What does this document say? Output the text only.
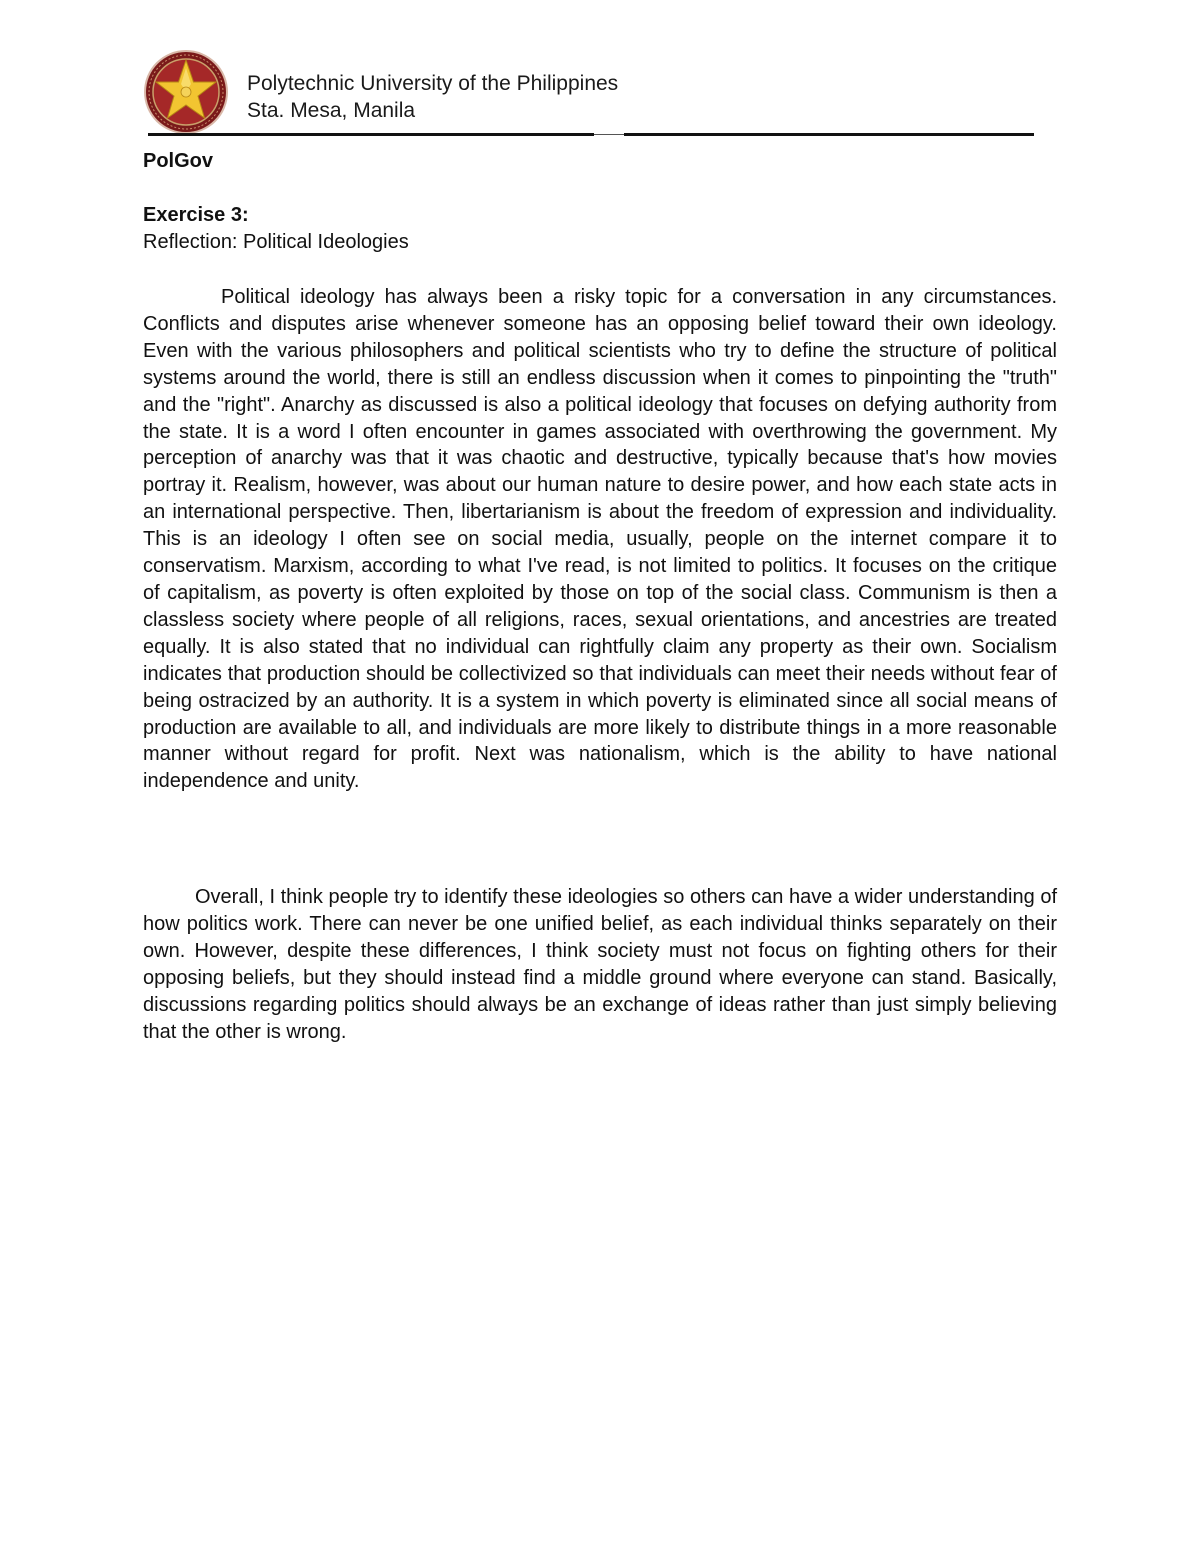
Polytechnic University of the Philippines
Sta. Mesa, Manila
PolGov
Exercise 3:
Reflection: Political Ideologies

Political ideology has always been a risky topic for a conversation in any circumstances. Conflicts and disputes arise whenever someone has an opposing belief toward their own ideology. Even with the various philosophers and political scientists who try to define the structure of political systems around the world, there is still an endless discussion when it comes to pinpointing the "truth" and the "right". Anarchy as discussed is also a political ideology that focuses on defying authority from the state. It is a word I often encounter in games associated with overthrowing the government. My perception of anarchy was that it was chaotic and destructive, typically because that's how movies portray it. Realism, however, was about our human nature to desire power, and how each state acts in an international perspective. Then, libertarianism is about the freedom of expression and individuality. This is an ideology I often see on social media, usually, people on the internet compare it to conservatism. Marxism, according to what I've read, is not limited to politics. It focuses on the critique of capitalism, as poverty is often exploited by those on top of the social class. Communism is then a classless society where people of all religions, races, sexual orientations, and ancestries are treated equally. It is also stated that no individual can rightfully claim any property as their own. Socialism indicates that production should be collectivized so that individuals can meet their needs without fear of being ostracized by an authority. It is a system in which poverty is eliminated since all social means of production are available to all, and individuals are more likely to distribute things in a more reasonable manner without regard for profit. Next was nationalism, which is the ability to have national independence and unity.

Overall, I think people try to identify these ideologies so others can have a wider understanding of how politics work. There can never be one unified belief, as each individual thinks separately on their own. However, despite these differences, I think society must not focus on fighting others for their opposing beliefs, but they should instead find a middle ground where everyone can stand. Basically, discussions regarding politics should always be an exchange of ideas rather than just simply believing that the other is wrong.
